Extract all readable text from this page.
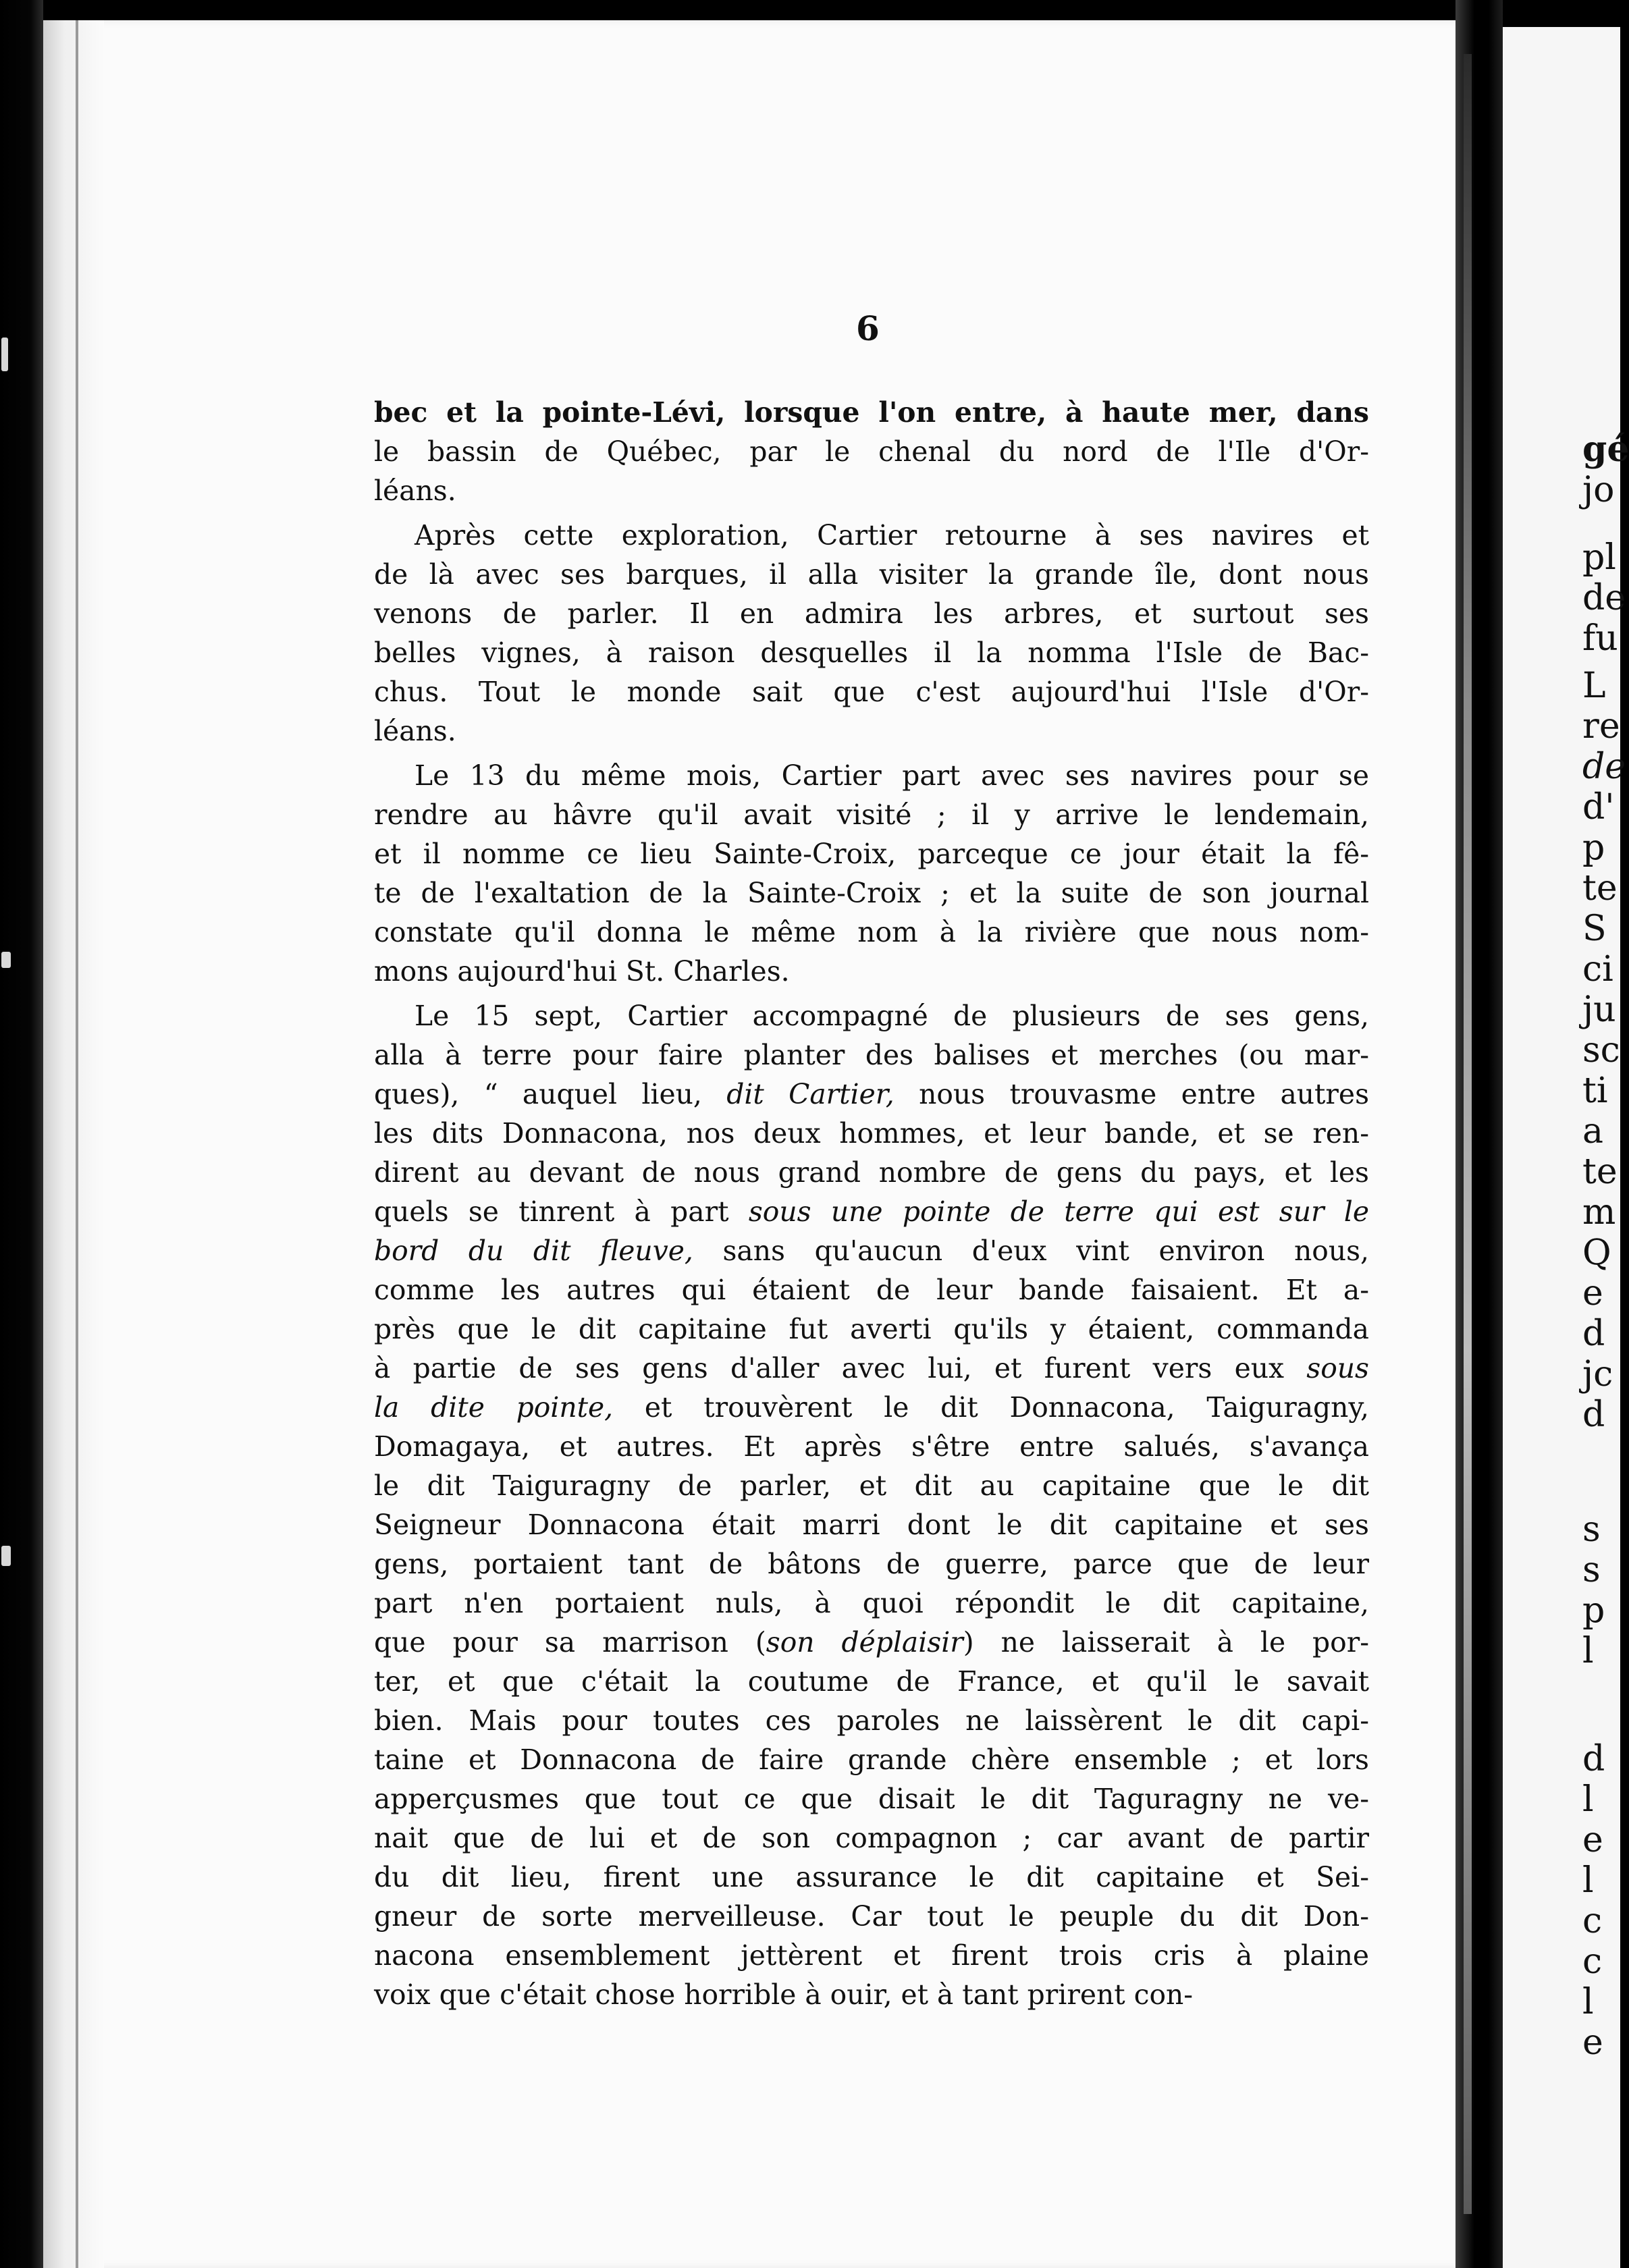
6
bec et la pointe-Lévi, lorsque l'on entre, à haute mer, dans
le bassin de Québec, par le chenal du nord de l'Ile d'Or-
léans.
Après cette exploration, Cartier retourne à ses navires et
de là avec ses barques, il alla visiter la grande île, dont nous
venons de parler. Il en admira les arbres, et surtout ses
belles vignes, à raison desquelles il la nomma l'Isle de Bac-
chus. Tout le monde sait que c'est aujourd'hui l'Isle d'Or-
léans.
Le 13 du même mois, Cartier part avec ses navires pour se
rendre au hâvre qu'il avait visité ; il y arrive le lendemain,
et il nomme ce lieu Sainte-Croix, parceque ce jour était la fê-
te de l'exaltation de la Sainte-Croix ; et la suite de son journal
constate qu'il donna le même nom à la rivière que nous nom-
mons aujourd'hui St. Charles.
Le 15 sept, Cartier accompagné de plusieurs de ses gens,
alla à terre pour faire planter des balises et merches (ou mar-
ques), “ auquel lieu, dit Cartier, nous trouvasme entre autres
les dits Donnacona, nos deux hommes, et leur bande, et se ren-
dirent au devant de nous grand nombre de gens du pays, et les
quels se tinrent à part sous une pointe de terre qui est sur le
bord du dit fleuve, sans qu'aucun d'eux vint environ nous,
comme les autres qui étaient de leur bande faisaient. Et a-
près que le dit capitaine fut averti qu'ils y étaient, commanda
à partie de ses gens d'aller avec lui, et furent vers eux sous
la dite pointe, et trouvèrent le dit Donnacona, Taiguragny,
Domagaya, et autres. Et après s'être entre salués, s'avança
le dit Taiguragny de parler, et dit au capitaine que le dit
Seigneur Donnacona était marri dont le dit capitaine et ses
gens, portaient tant de bâtons de guerre, parce que de leur
part n'en portaient nuls, à quoi répondit le dit capitaine,
que pour sa marrison (son déplaisir) ne laisserait à le por-
ter, et que c'était la coutume de France, et qu'il le savait
bien. Mais pour toutes ces paroles ne laissèrent le dit capi-
taine et Donnacona de faire grande chère ensemble ; et lors
apperçusmes que tout ce que disait le dit Taguragny ne ve-
nait que de lui et de son compagnon ; car avant de partir
du dit lieu, firent une assurance le dit capitaine et Sei-
gneur de sorte merveilleuse. Car tout le peuple du dit Don-
nacona ensemblement jettèrent et firent trois cris à plaine
voix que c'était chose horrible à ouir, et à tant prirent con-
gé
jo
pl
de
fu
L
re
de
d'
p
te
S
ci
ju
sc
ti
a
te
m
Q
e
d
jc
d
s
s
p
l
d
l
e
l
c
c
l
e
